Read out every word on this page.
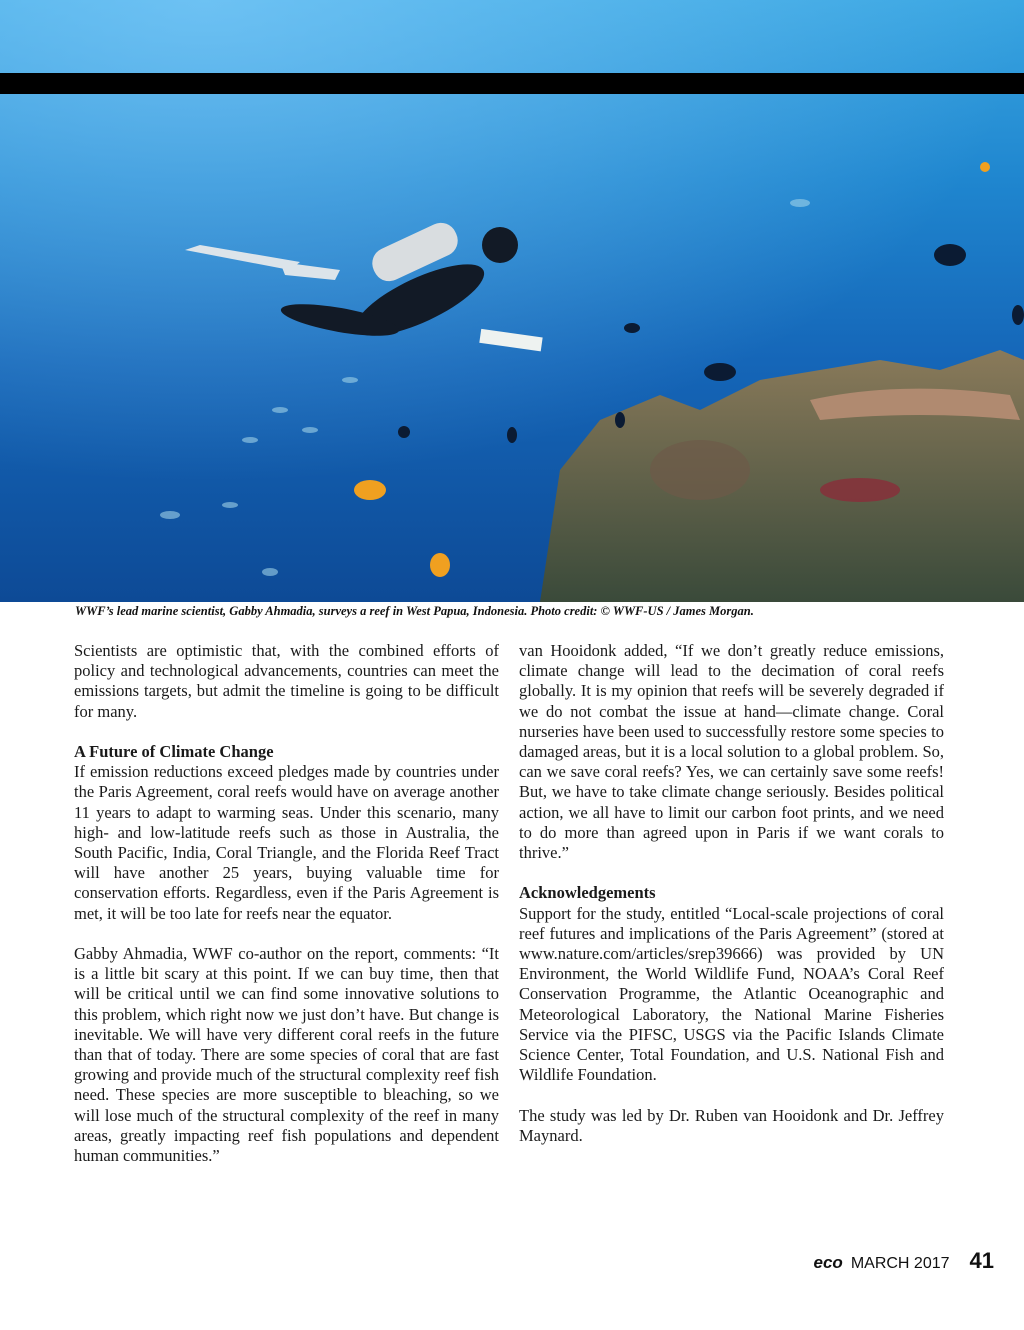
WWF’s lead marine scientist, Gabby Ahmadia, surveys a reef in West Papua, Indonesia. Photo credit: © WWF-US / James Morgan.

Scientists are optimistic that, with the combined efforts of policy and technological advancements, countries can meet the emissions targets, but admit the timeline is going to be difficult for many.

A Future of Climate Change

If emission reductions exceed pledges made by countries under the Paris Agreement, coral reefs would have on average another 11 years to adapt to warming seas. Under this scenario, many high- and low-latitude reefs such as those in Australia, the South Pacific, India, Coral Triangle, and the Florida Reef Tract will have another 25 years, buying valuable time for conservation efforts. Regardless, even if the Paris Agreement is met, it will be too late for reefs near the equator.

Gabby Ahmadia, WWF co-author on the report, comments: “It is a little bit scary at this point. If we can buy time, then that will be critical until we can find some innovative solutions to this problem, which right now we just don’t have. But change is inevitable. We will have very different coral reefs in the future than that of today. There are some species of coral that are fast growing and provide much of the structural complexity reef fish need. These species are more susceptible to bleaching, so we will lose much of the structural complexity of the reef in many areas, greatly impacting reef fish populations and dependent human communities.”

van Hooidonk added, “If we don’t greatly reduce emissions, climate change will lead to the decimation of coral reefs globally. It is my opinion that reefs will be severely degraded if we do not combat the issue at hand—climate change. Coral nurseries have been used to successfully restore some species to damaged areas, but it is a local solution to a global problem. So, can we save coral reefs? Yes, we can certainly save some reefs! But, we have to take climate change seriously. Besides political action, we all have to limit our carbon foot prints, and we need to do more than agreed upon in Paris if we want corals to thrive.”

Acknowledgements

Support for the study, entitled “Local-scale projections of coral reef futures and implications of the Paris Agreement” (stored at www.nature.com/articles/srep39666) was provided by UN Environment, the World Wildlife Fund, NOAA’s Coral Reef Conservation Programme, the Atlantic Oceanographic and Meteorological Laboratory, the National Marine Fisheries Service via the PIFSC, USGS via the Pacific Islands Climate Science Center, Total Foundation, and U.S. National Fish and Wildlife Foundation.

The study was led by Dr. Ruben van Hooidonk and Dr. Jeffrey Maynard.

eco MARCH 2017 41
